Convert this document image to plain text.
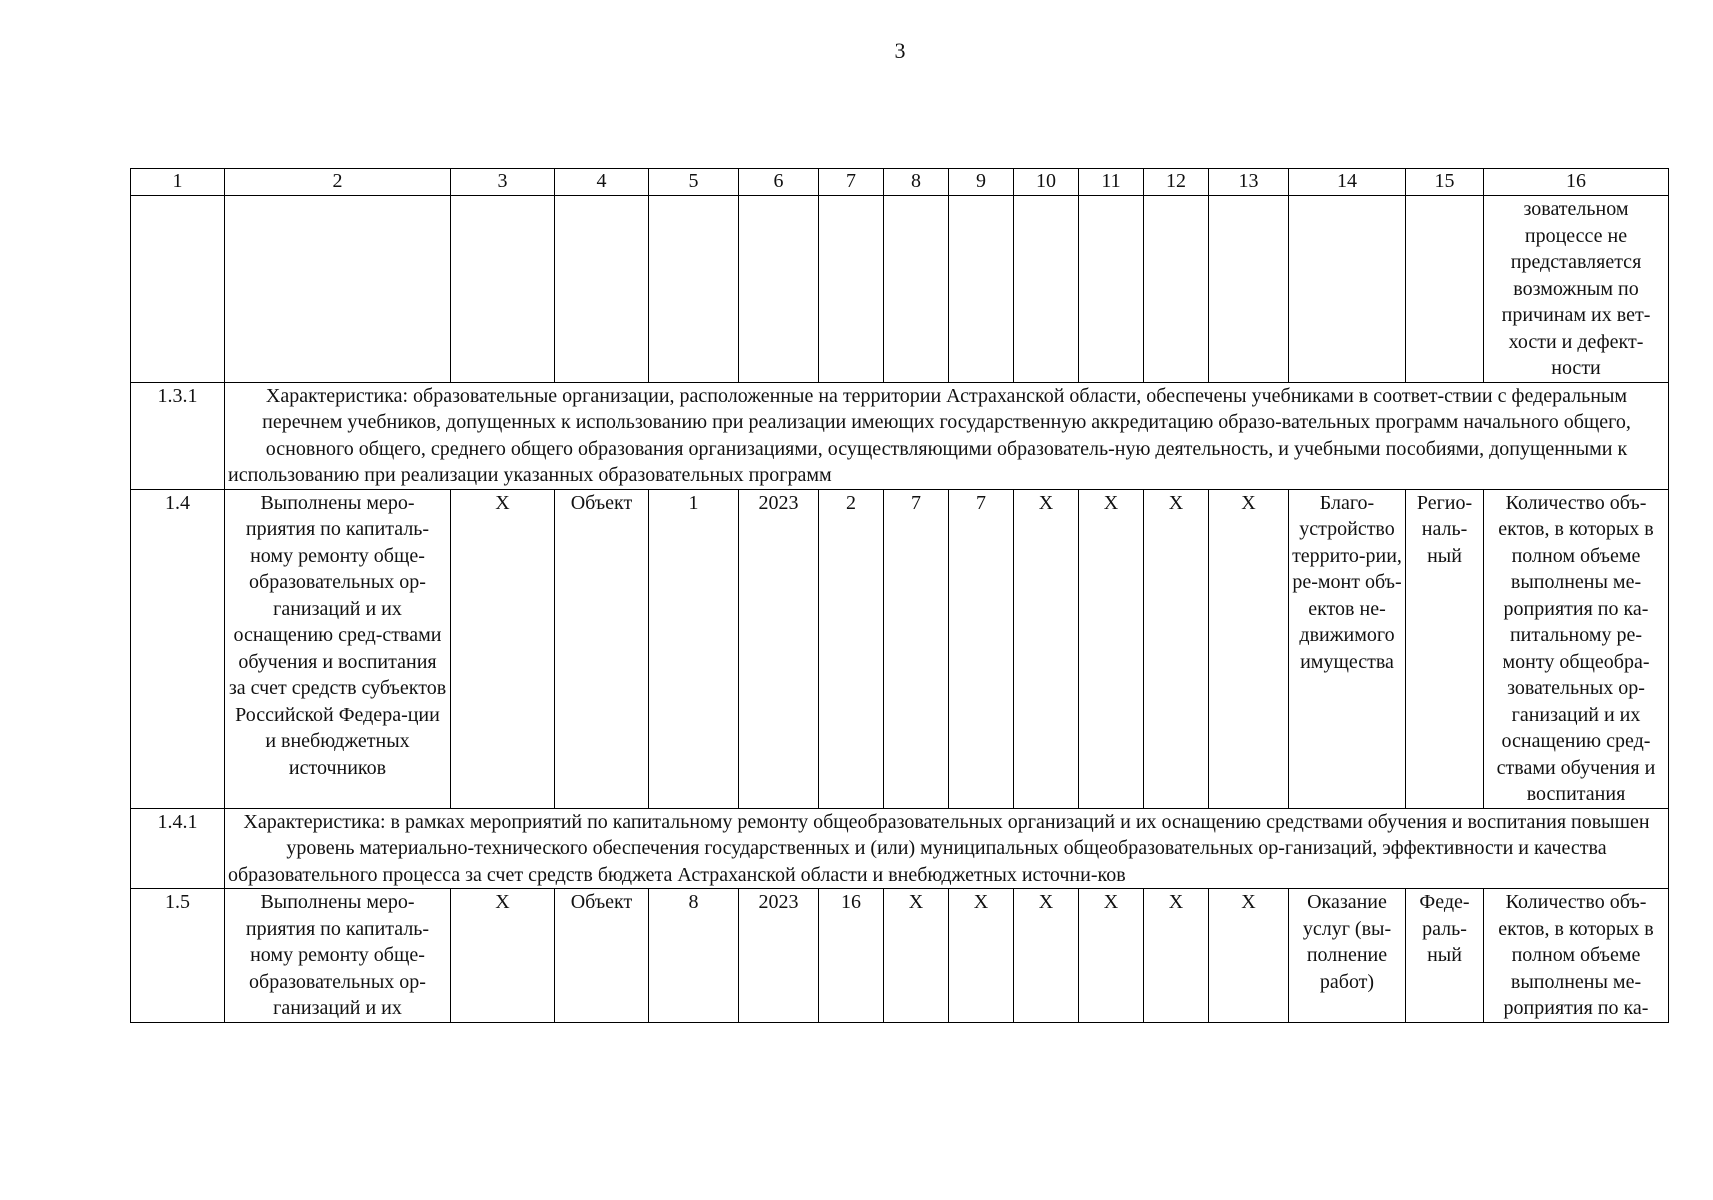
3
1	2	3	4	5	6	7	8	9	10	11	12	13	14	15	16
															зовательном процессе не представляется возможным по причинам их вет-хости и дефект-ности
1.3.1	Характеристика: образовательные организации, расположенные на территории Астраханской области, обеспечены учебниками в соответ-ствии с федеральным перечнем учебников, допущенных к использованию при реализации имеющих государственную аккредитацию образо-вательных программ начального общего, основного общего, среднего общего образования организациями, осуществляющими образователь-ную деятельность, и учебными пособиями, допущенными к использованию при реализации указанных образовательных программ														
1.4	Выполнены меро-приятия по капиталь-ному ремонту обще-образовательных ор-ганизаций и их оснащению сред-ствами обучения и воспитания за счет средств субъектов Российской Федера-ции и внебюджетных источников	X	Объект	1	2023	2	7	7	X	X	X	X	Благо-устройство террито-рии, ре-монт объ-ектов не-движимого имущества	Регио-наль-ный	Количество объ-ектов, в которых в полном объеме выполнены ме-роприятия по ка-питальному ре-монту общеобра-зовательных ор-ганизаций и их оснащению сред-ствами обучения и воспитания
1.4.1	Характеристика: в рамках мероприятий по капитальному ремонту общеобразовательных организаций и их оснащению средствами обучения и воспитания повышен уровень материально-технического обеспечения государственных и (или) муниципальных общеобразовательных ор-ганизаций, эффективности и качества образовательного процесса за счет средств бюджета Астраханской области и внебюджетных источни-ков														
1.5	Выполнены меро-приятия по капиталь-ному ремонту обще-образовательных ор-ганизаций и их	X	Объект	8	2023	16	X	X	X	X	X	X	Оказание услуг (вы-полнение работ)	Феде-раль-ный	Количество объ-ектов, в которых в полном объеме выполнены ме-роприятия по ка-
